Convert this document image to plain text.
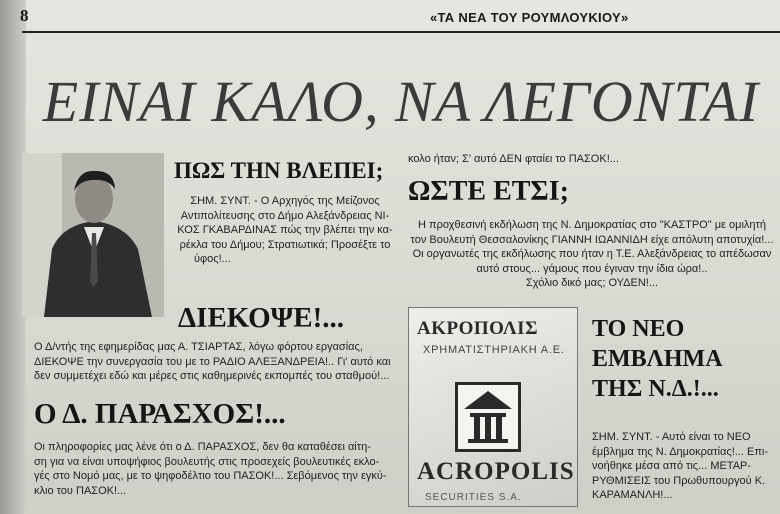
8	«ΤΑ ΝΕΑ ΤΟΥ ΡΟΥΜΛΟΥΚΙΟΥ»
ΕΙΝΑΙ ΚΑΛΟ, ΝΑ ΛΕΓΟΝΤΑΙ
ΠΩΣ ΤΗΝ ΒΛΕΠΕΙ;

ΣΗΜ. ΣΥΝΤ. - Ο Αρχηγός της Μείζονος

Αντιπολίτευσης στο Δήμο Αλεξάνδρειας ΝΙ-

ΚΟΣ ΓΚΑΒΑΡΔΙΝΑΣ πώς την βλέπει την κα-

ρέκλα του Δήμου; Στρατιωτικά; Προσέξτε το

ύφος!...

ΔΙΕΚΟΨΕ!...

Ο Δ/ντής της εφημερίδας μας Α. ΤΣΙΑΡΤΑΣ, λόγω φόρτου εργασίας,

ΔΙΕΚΟΨΕ την συνεργασία του με το ΡΑΔΙΟ ΑΛΕΞΑΝΔΡΕΙΑ!.. Γι' αυτό και

δεν συμμετέχει εδώ και μέρες στις καθημερινές εκπομπές του σταθμού!...

Ο Δ. ΠΑΡΑΣΧΟΣ!...

Οι πληροφορίες μας λένε ότι ο Δ. ΠΑΡΑΣΧΟΣ, δεν θα καταθέσει αίτη-

ση για να είναι υποψήφιος βουλευτής στις προσεχείς βουλευτικές εκλο-

γές στο Νομό μας, με το ψηφοδέλτιο του ΠΑΣΟΚ!... Σεβόμενος την εγκύ-

κλιο του ΠΑΣΟΚ!...

κολο ήταν; Σ' αυτό ΔΕΝ φταίει το ΠΑΣΟΚ!...
ΩΣΤΕ ΕΤΣΙ;

Η προχθεσινή εκδήλωση της Ν. Δημοκρατίας στο "ΚΑΣΤΡΟ" με ομιλητή

τον Βουλευτή Θεσσαλονίκης ΓΙΑΝΝΗ ΙΩΑΝΝΙΔΗ είχε απόλυτη αποτυχία!...

Οι οργανωτές της εκδήλωσης που ήταν η Τ.Ε. Αλεξάνδρειας το απέδωσαν

αυτό στους... γάμους που έγιναν την ίδια ώρα!..

Σχόλιο δικό μας; ΟΥΔΕΝ!...

ΑΚΡΟΠΟΛΙΣ
ΧΡΗΜΑΤΙΣΤΗΡΙΑΚΗ Α.Ε.
ACROPOLIS
SECURITIES S.A.
ΤΟ ΝΕΟ
ΕΜΒΛΗΜΑ
ΤΗΣ Ν.Δ.!...

ΣΗΜ. ΣΥΝΤ. - Αυτό είναι το ΝΕΟ

έμβλημα της Ν. Δημοκρατίας!... Επι-

νοήθηκε μέσα από τις... ΜΕΤΑΡ-

ΡΥΘΜΙΣΕΙΣ του Πρωθυπουργού Κ.

ΚΑΡΑΜΑΝΛΗ!...
